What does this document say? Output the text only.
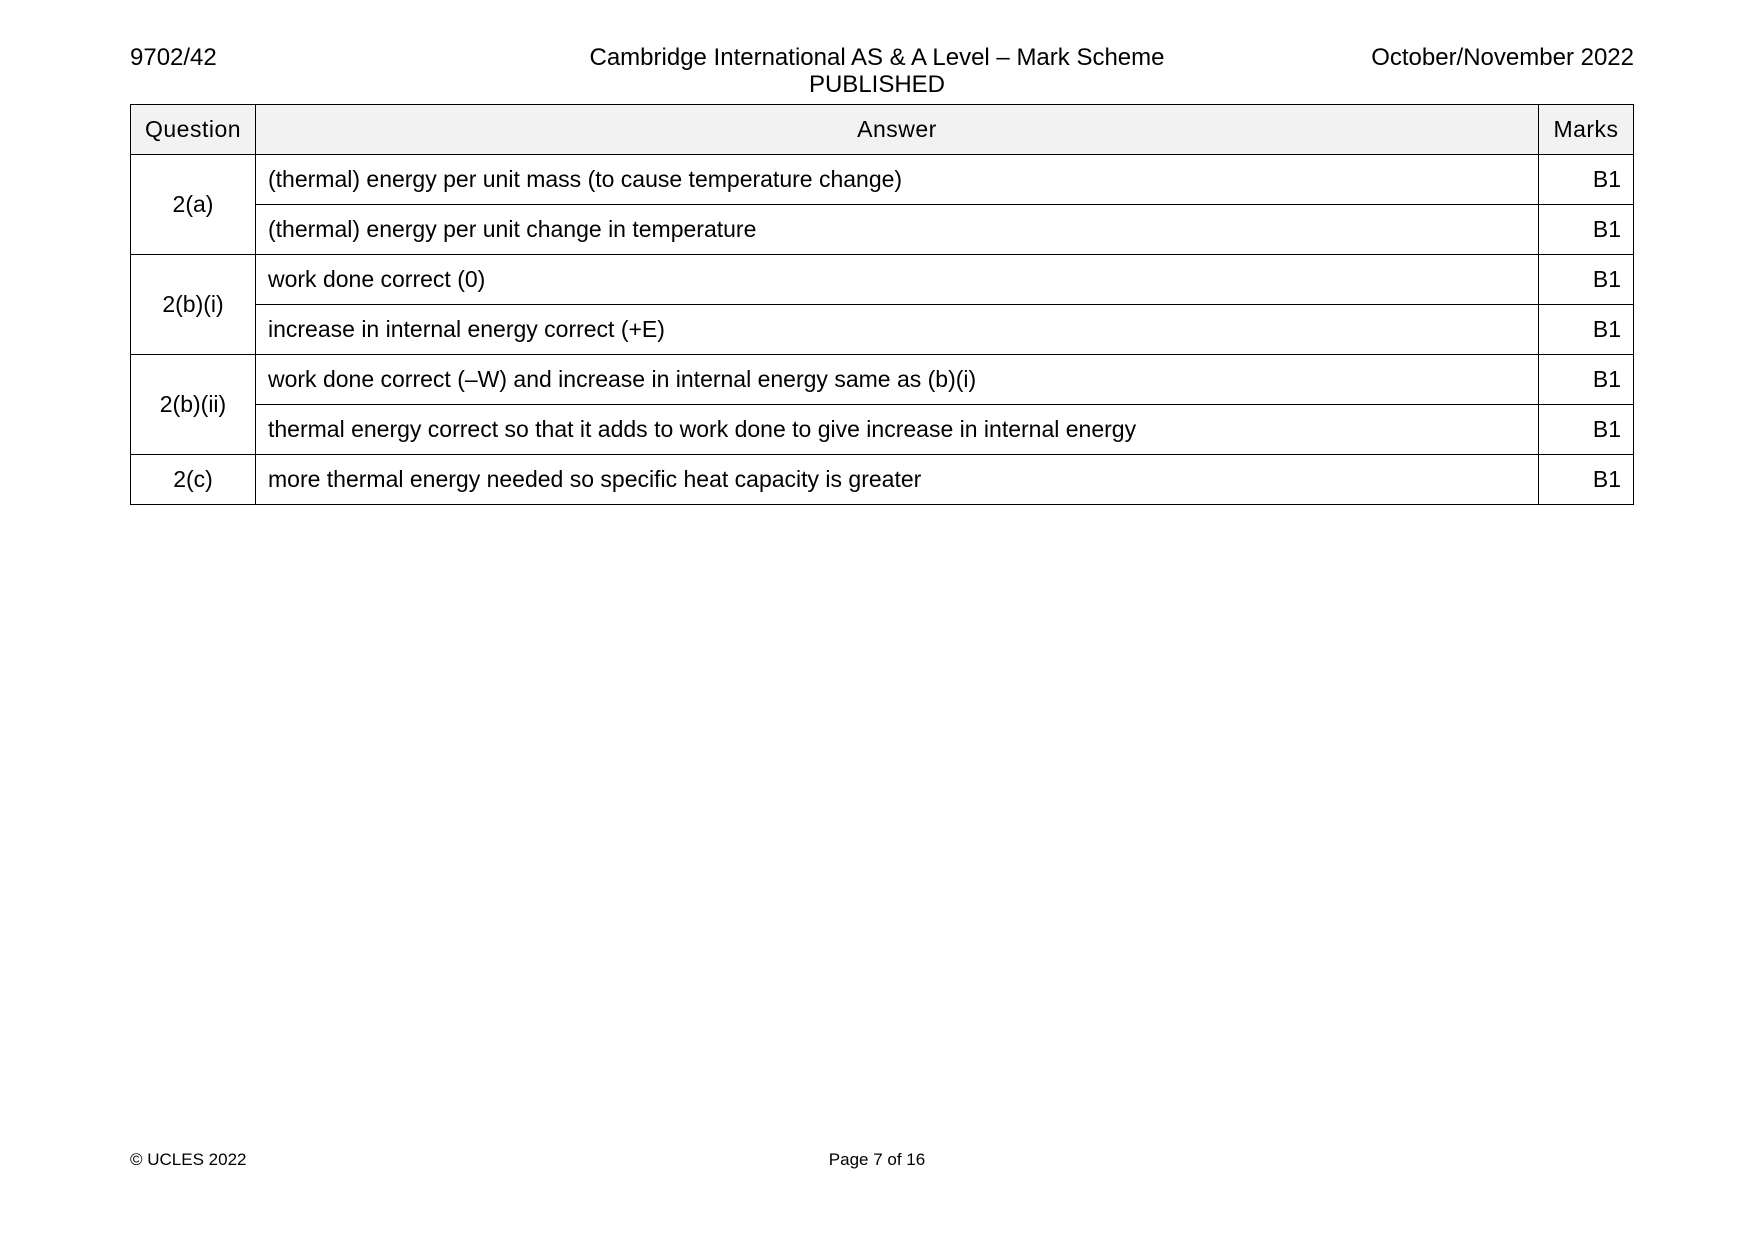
9702/42	Cambridge International AS & A Level – Mark Scheme
PUBLISHED
October/November 2022
Question	Answer	Marks
2(a)	(thermal) energy per unit mass (to cause temperature change)	B1
	(thermal) energy per unit change in temperature	B1
2(b)(i)	work done correct (0)	B1
	increase in internal energy correct (+E)	B1
2(b)(ii)	work done correct (–W) and increase in internal energy same as (b)(i)	B1
	thermal energy correct so that it adds to work done to give increase in internal energy	B1
2(c)	more thermal energy needed so specific heat capacity is greater	B1
© UCLES 2022	Page 7 of 16
